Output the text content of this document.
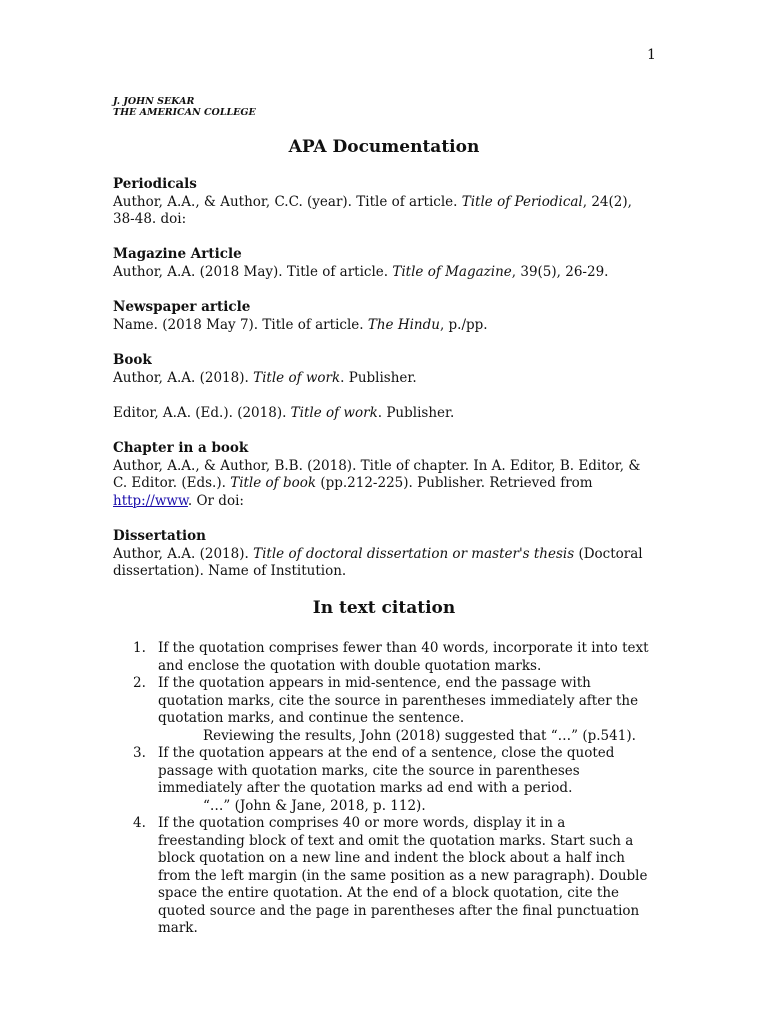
1
J. JOHN SEKAR
THE AMERICAN COLLEGE
APA Documentation
Periodicals
Author, A.A., & Author, C.C. (year). Title of article. Title of Periodical, 24(2), 38-48. doi:
Magazine Article
Author, A.A. (2018 May). Title of article. Title of Magazine, 39(5), 26-29.
Newspaper article
Name. (2018 May 7). Title of article. The Hindu, p./pp.
Book
Author, A.A. (2018). Title of work. Publisher.
Editor, A.A. (Ed.). (2018). Title of work. Publisher.
Chapter in a book
Author, A.A., & Author, B.B. (2018). Title of chapter. In A. Editor, B. Editor, & C. Editor. (Eds.). Title of book (pp.212-225). Publisher. Retrieved from http://www. Or doi:
Dissertation
Author, A.A. (2018). Title of doctoral dissertation or master's thesis (Doctoral dissertation). Name of Institution.
In text citation
1. If the quotation comprises fewer than 40 words, incorporate it into text and enclose the quotation with double quotation marks.
2. If the quotation appears in mid-sentence, end the passage with quotation marks, cite the source in parentheses immediately after the quotation marks, and continue the sentence.
Reviewing the results, John (2018) suggested that “…” (p.541).
3. If the quotation appears at the end of a sentence, close the quoted passage with quotation marks, cite the source in parentheses immediately after the quotation marks ad end with a period.
“…” (John & Jane, 2018, p. 112).
4. If the quotation comprises 40 or more words, display it in a freestanding block of text and omit the quotation marks. Start such a block quotation on a new line and indent the block about a half inch from the left margin (in the same position as a new paragraph). Double space the entire quotation. At the end of a block quotation, cite the quoted source and the page in parentheses after the final punctuation mark.
